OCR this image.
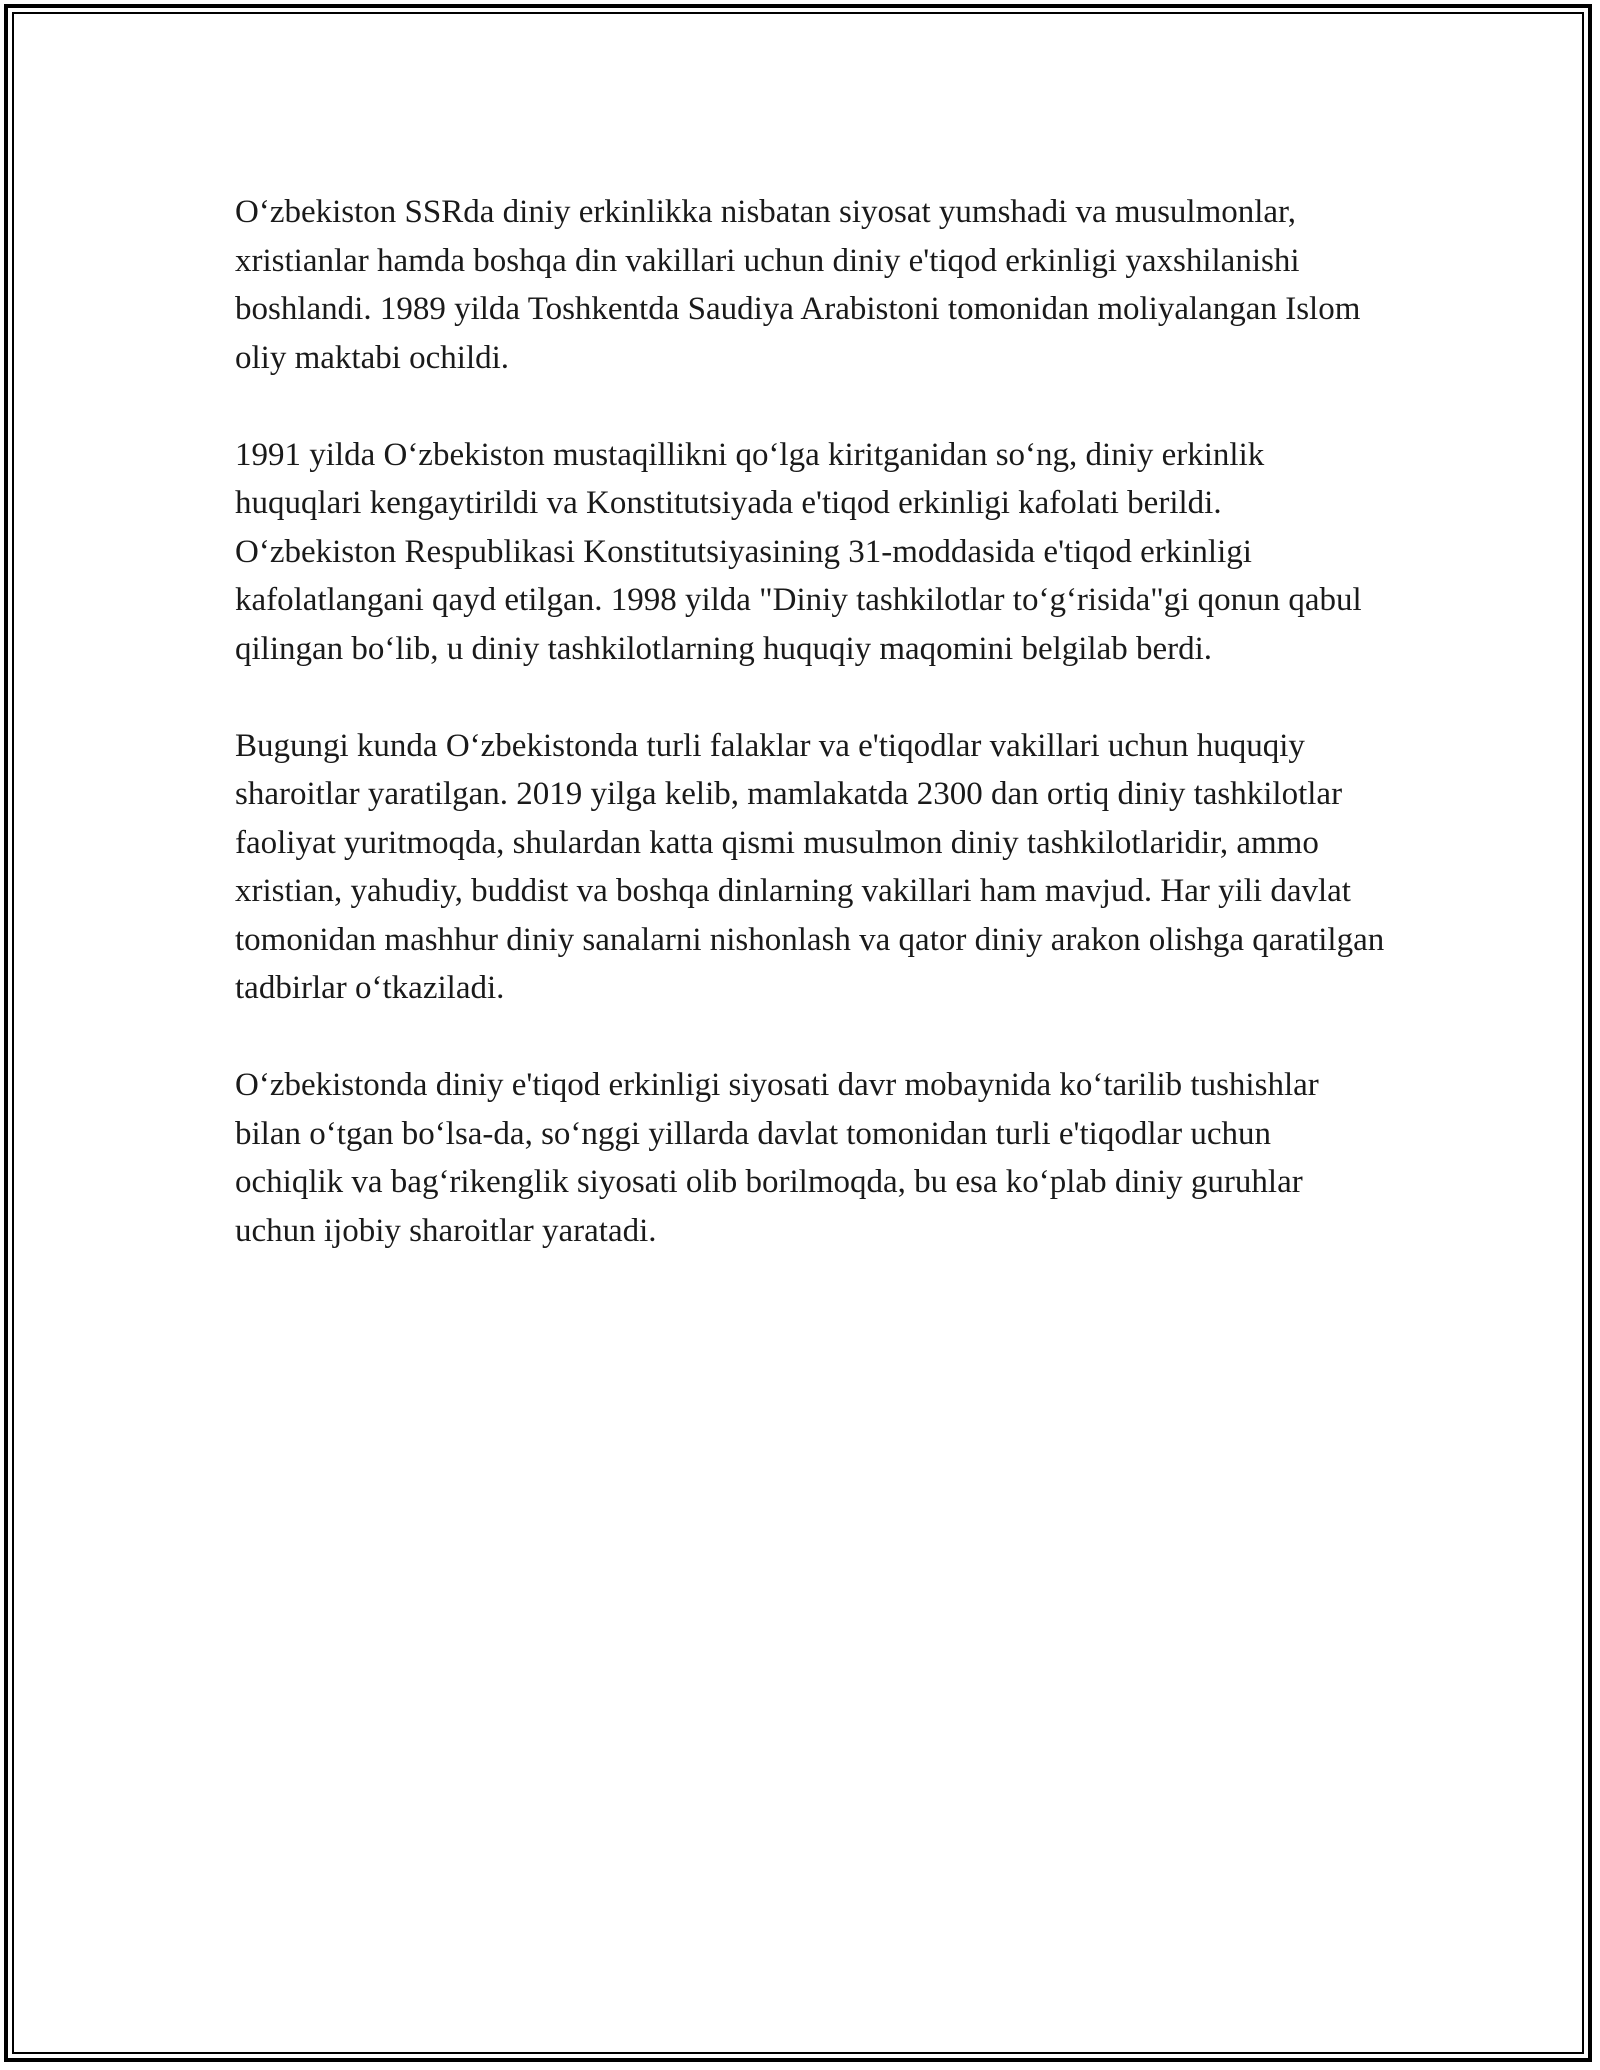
O‘zbekiston SSRda diniy erkinlikka nisbatan siyosat yumshadi va musulmonlar, xristianlar hamda boshqa din vakillari uchun diniy e'tiqod erkinligi yaxshilanishi boshlandi. 1989 yilda Toshkentda Saudiya Arabistoni tomonidan moliyalangan Islom oliy maktabi ochildi.

1991 yilda O‘zbekiston mustaqillikni qo‘lga kiritganidan so‘ng, diniy erkinlik huquqlari kengaytirildi va Konstitutsiyada e'tiqod erkinligi kafolati berildi. O‘zbekiston Respublikasi Konstitutsiyasining 31-moddasida e'tiqod erkinligi kafolatlangani qayd etilgan. 1998 yilda "Diniy tashkilotlar to‘g‘risida"gi qonun qabul qilingan bo‘lib, u diniy tashkilotlarning huquqiy maqomini belgilab berdi.

Bugungi kunda O‘zbekistonda turli falaklar va e'tiqodlar vakillari uchun huquqiy sharoitlar yaratilgan. 2019 yilga kelib, mamlakatda 2300 dan ortiq diniy tashkilotlar faoliyat yuritmoqda, shulardan katta qismi musulmon diniy tashkilotlaridir, ammo xristian, yahudiy, buddist va boshqa dinlarning vakillari ham mavjud. Har yili davlat tomonidan mashhur diniy sanalarni nishonlash va qator diniy arakon olishga qaratilgan tadbirlar o‘tkaziladi.

O‘zbekistonda diniy e'tiqod erkinligi siyosati davr mobaynida ko‘tarilib tushishlar bilan o‘tgan bo‘lsa-da, so‘nggi yillarda davlat tomonidan turli e'tiqodlar uchun ochiqlik va bag‘rikenglik siyosati olib borilmoqda, bu esa ko‘plab diniy guruhlar uchun ijobiy sharoitlar yaratadi.
